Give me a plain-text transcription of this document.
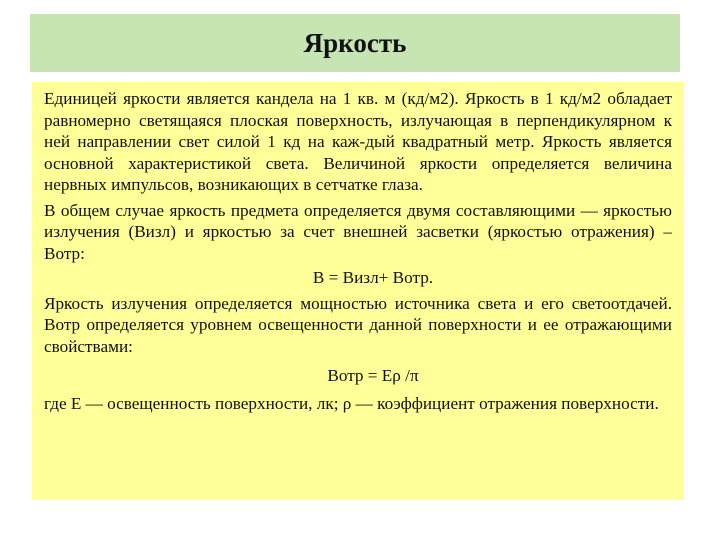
Яркость

Единицей яркости является кандела на 1 кв. м (кд/м2). Яркость в 1 кд/м2 обладает равномерно светящаяся плоская поверхность, излучающая в перпендикулярном к ней направлении свет силой 1 кд на каж-дый квадратный метр. Яркость является основной характеристикой света. Величиной яркости определяется величина нервных импульсов, возникающих в сетчатке глаза.

В общем случае яркость предмета определяется двумя составляющими — яркостью излучения (Bизл) и яркостью за счет внешней засветки (яркостью отражения) – Bотр:

B = Bизл+ Bотр.

Яркость излучения определяется мощностью источника света и его светоотдачей. Bотр определяется уровнем освещенности данной поверхности и ее отражающими свойствами:

Bотр = Eρ /π

где E — освещенность поверхности, лк; ρ — коэффициент отражения поверхности.
